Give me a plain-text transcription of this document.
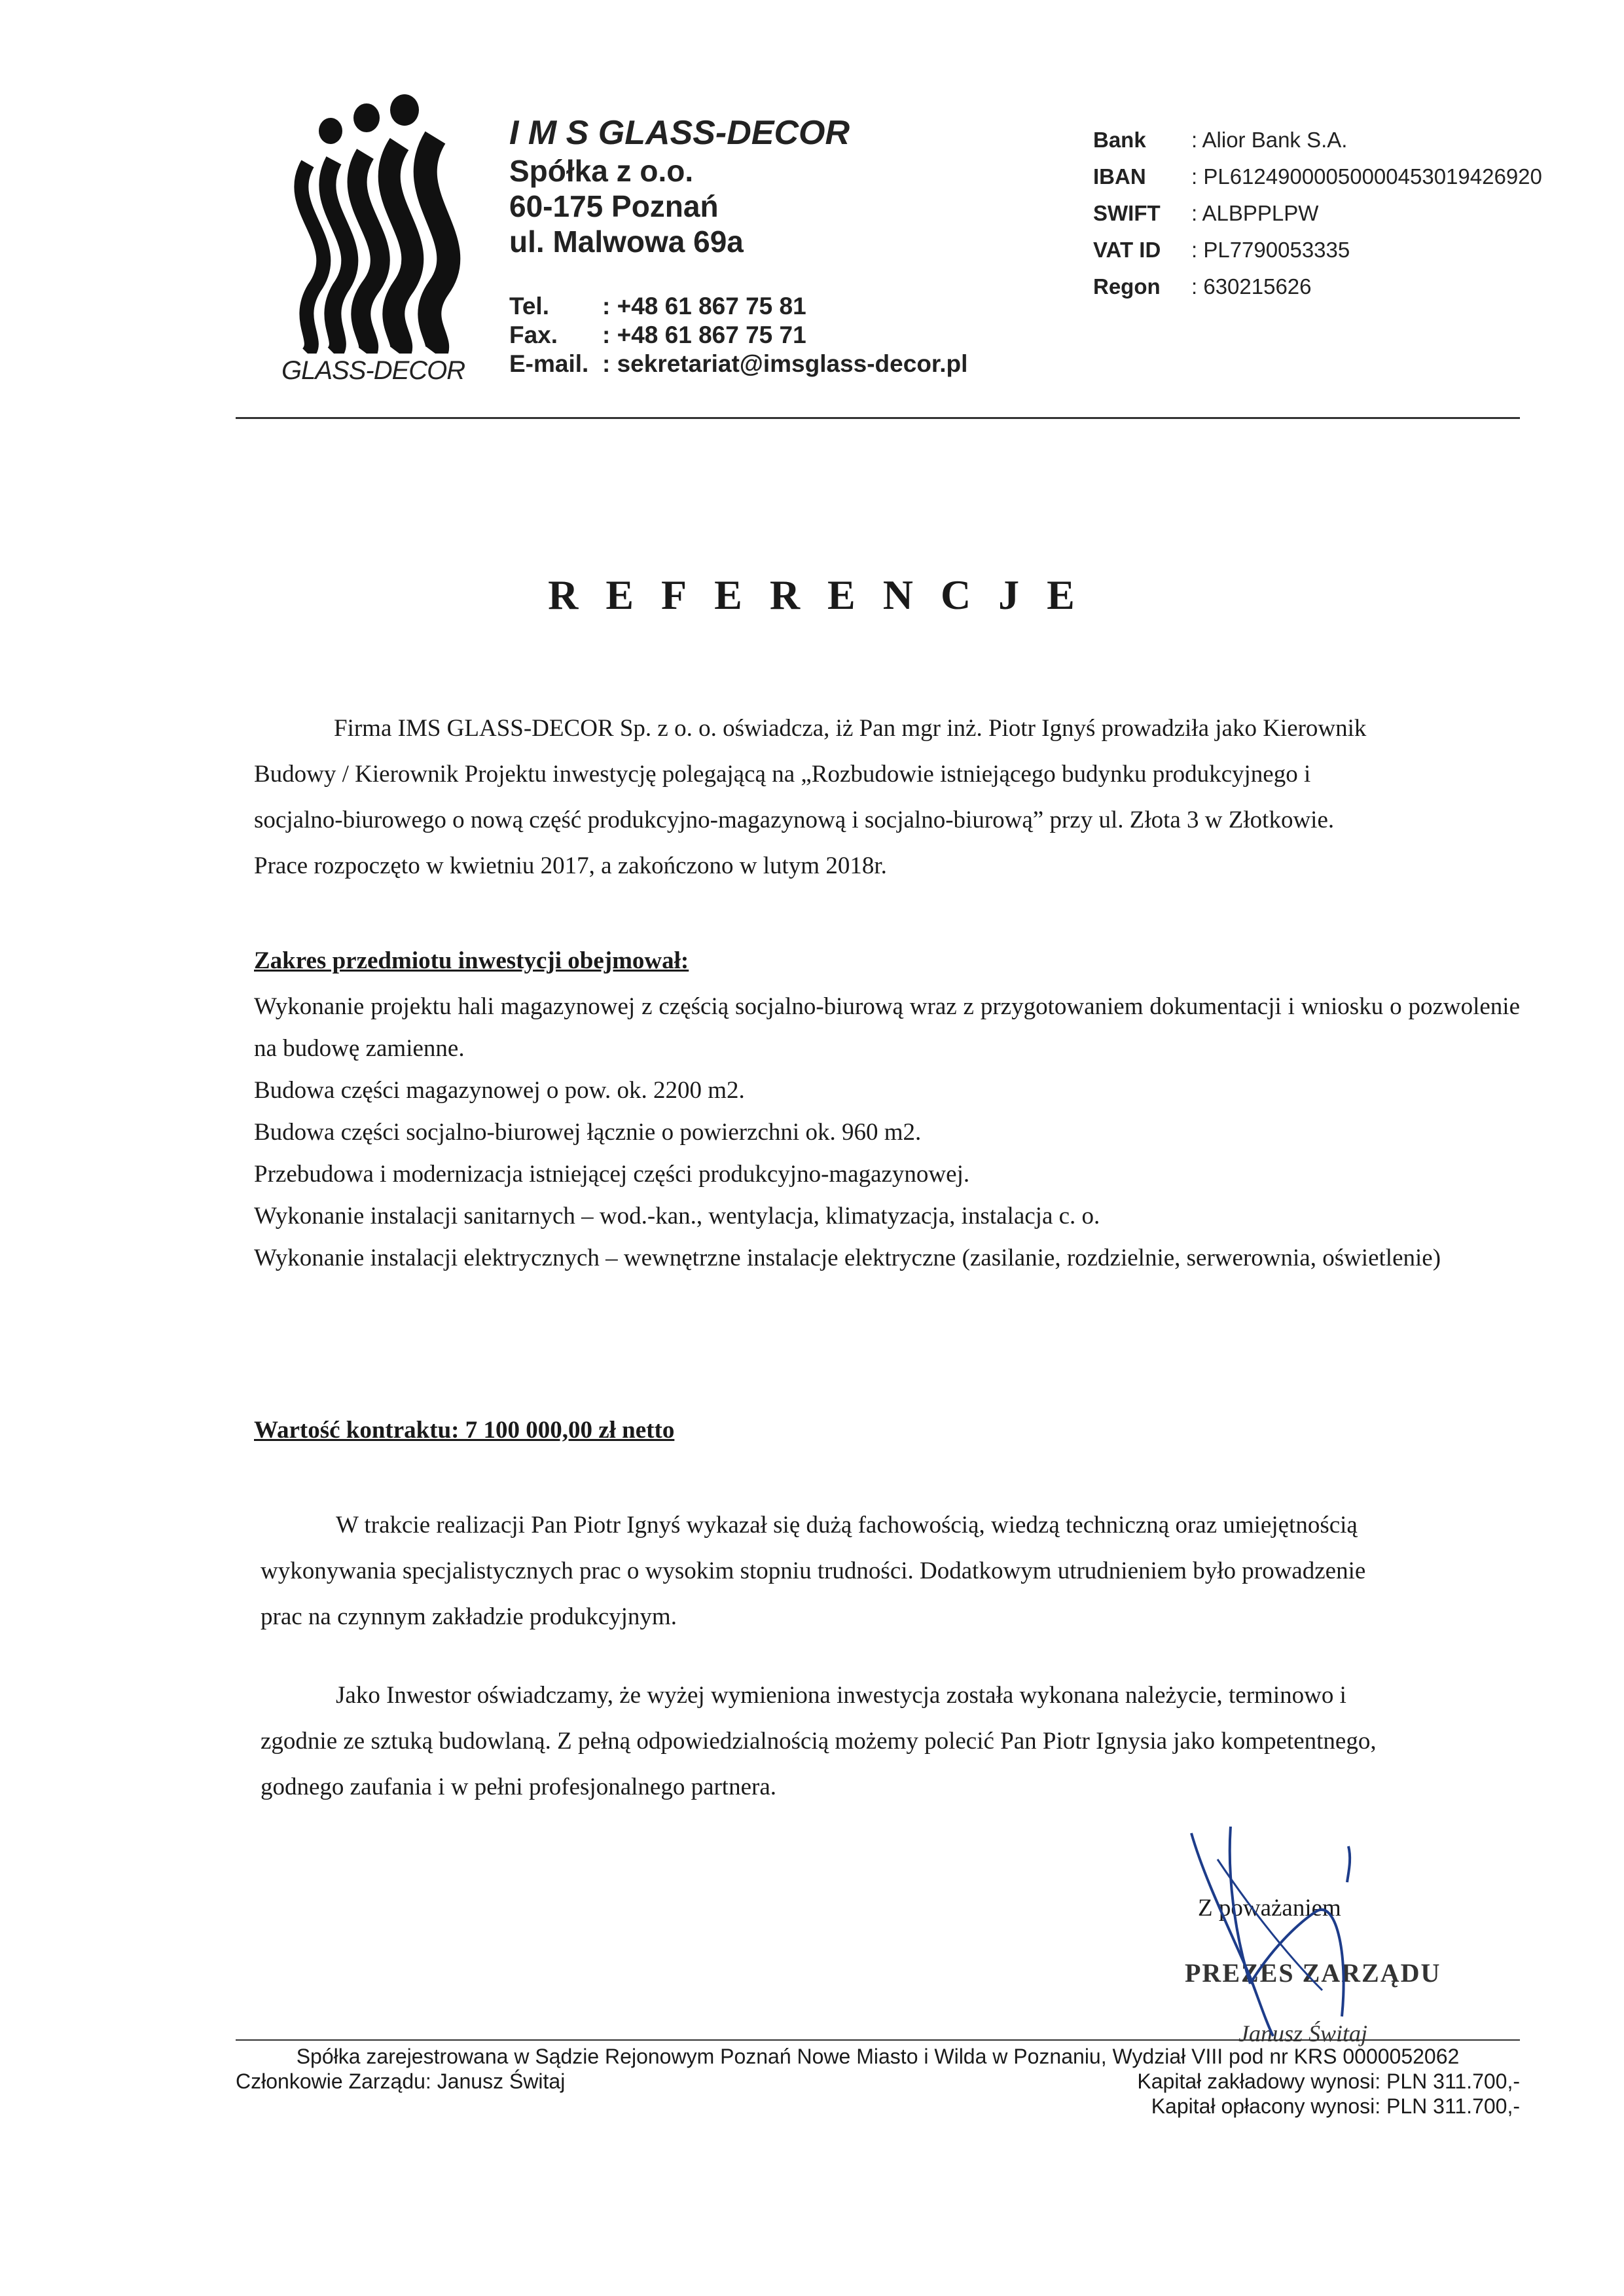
GLASS-DECOR
I M S GLASS-DECOR
Spółka z o.o.
60-175 Poznań
ul. Malwowa 69a
Tel. : +48 61 867 75 81
Fax. : +48 61 867 75 71
E-mail. : sekretariat@imsglass-decor.pl
Bank : Alior Bank S.A.
IBAN : PL61249000050000453019426920
SWIFT : ALBPPLPW
VAT ID : PL7790053335
Regon : 630215626
REFERENCJE
Firma IMS GLASS-DECOR Sp. z o. o. oświadcza, iż Pan mgr inż. Piotr Ignyś prowadziła jako Kierownik
Budowy / Kierownik Projektu inwestycję polegającą na „Rozbudowie istniejącego budynku produkcyjnego i
socjalno-biurowego o nową część produkcyjno-magazynową i socjalno-biurową” przy ul. Złota 3 w Złotkowie.
Prace rozpoczęto w kwietniu 2017, a zakończono w lutym 2018r.
Zakres przedmiotu inwestycji obejmował:
Wykonanie projektu hali magazynowej z częścią socjalno-biurową wraz z przygotowaniem dokumentacji i wniosku o pozwolenie na budowę zamienne.
Budowa części magazynowej o pow. ok. 2200 m2.
Budowa części socjalno-biurowej łącznie o powierzchni ok. 960 m2.
Przebudowa i modernizacja istniejącej części produkcyjno-magazynowej.
Wykonanie instalacji sanitarnych – wod.-kan., wentylacja, klimatyzacja, instalacja c. o.
Wykonanie instalacji elektrycznych – wewnętrzne instalacje elektryczne (zasilanie, rozdzielnie, serwerownia, oświetlenie)
Wartość kontraktu: 7 100 000,00 zł netto
W trakcie realizacji Pan Piotr Ignyś wykazał się dużą fachowością, wiedzą techniczną oraz umiejętnością
wykonywania specjalistycznych prac o wysokim stopniu trudności. Dodatkowym utrudnieniem było prowadzenie
prac na czynnym zakładzie produkcyjnym.
Jako Inwestor oświadczamy, że wyżej wymieniona inwestycja została wykonana należycie, terminowo i
zgodnie ze sztuką budowlaną. Z pełną odpowiedzialnością możemy polecić Pan Piotr Ignysia jako kompetentnego,
godnego zaufania i w pełni profesjonalnego partnera.
Z poważaniem
PREZES ZARZĄDU
Janusz Świtaj
Spółka zarejestrowana w Sądzie Rejonowym Poznań Nowe Miasto i Wilda w Poznaniu, Wydział VIII pod nr KRS 0000052062
Członkowie Zarządu: Janusz Świtaj	Kapitał zakładowy wynosi: PLN 311.700,-
Kapitał opłacony wynosi: PLN 311.700,-
